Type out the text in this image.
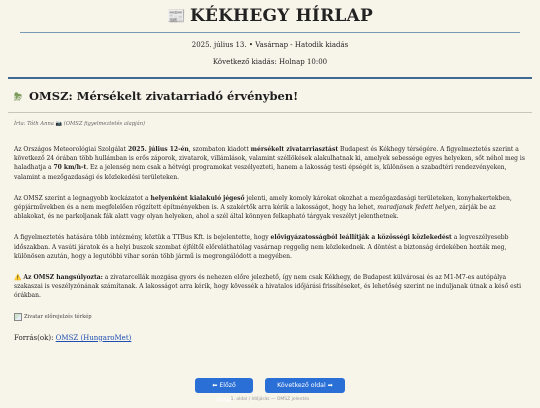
📰 KÉKHEGY HÍRLAP
2025. július 13. • Vasárnap - Hatodik kiadás
Következő kiadás: Holnap 10:00
⛈ OMSZ: Mérsékelt zivatarriadó érvényben!
Írta: Tóth Anna 📷 (OMSZ figyelmeztetés alapján)

Az Országos Meteorológiai Szolgálat 2025. július 12-én, szombaton kiadott mérsékelt zivatarriasztást Budapest és Kékhegy térségére. A figyelmeztetés szerint a következő 24 órában több hullámban is erős záporok, zivatarok, villámlások, valamint széllökések alakulhatnak ki, amelyek sebessége egyes helyeken, sőt néhol meg is haladhatja a 70 km/h-t. Ez a jelenség nem csak a hétvégi programokat veszélyezteti, hanem a lakosság testi épségét is, különösen a szabadtéri rendezvényeken, valamint a mezőgazdasági és közlekedési területeken.

Az OMSZ szerint a legnagyobb kockázatot a helyenként kialakuló jégeső jelenti, amely komoly károkat okozhat a mezőgazdasági területeken, konyhakertekben, gépjárművekben és a nem megfelelően rögzített építményekben is. A szakértők arra kérik a lakosságot, hogy ha lehet, maradjanak fedett helyen, zárják be az ablakokat, és ne parkoljanak fák alatt vagy olyan helyeken, ahol a szél által könnyen felkapható tárgyak veszélyt jelenthetnek.

A figyelmeztetés hatására több intézmény, köztük a TTBus Kft. is bejelentette, hogy elővigyázatosságból leállítják a közösségi közlekedést a legveszélyesebb időszakban. A vasúti járatok és a helyi buszok szombat éjféltől előreláthatólag vasárnap reggelig nem közlekednek. A döntést a biztonság érdekében hozták meg, különösen azután, hogy a legutóbbi vihar során több jármű is megrongálódott a megyében.

⚠️ Az OMSZ hangsúlyozta: a zivatarcellák mozgása gyors és nehezen előre jelezhető, így nem csak Kékhegy, de Budapest külvárosai és az M1-M7-es autópálya szakaszai is veszélyzónának számítanak. A lakosságot arra kérik, hogy kövessék a hivatalos időjárási frissítéseket, és lehetőség szerint ne induljanak útnak a késő esti órákban.

Zivatar előrejelzés térkép
Forrás(ok): OMSZ (HungaroMet)
⬅ Előző oldal
Következő oldal ➡
1. oldal / Időjárás — OMSZ jelentés
